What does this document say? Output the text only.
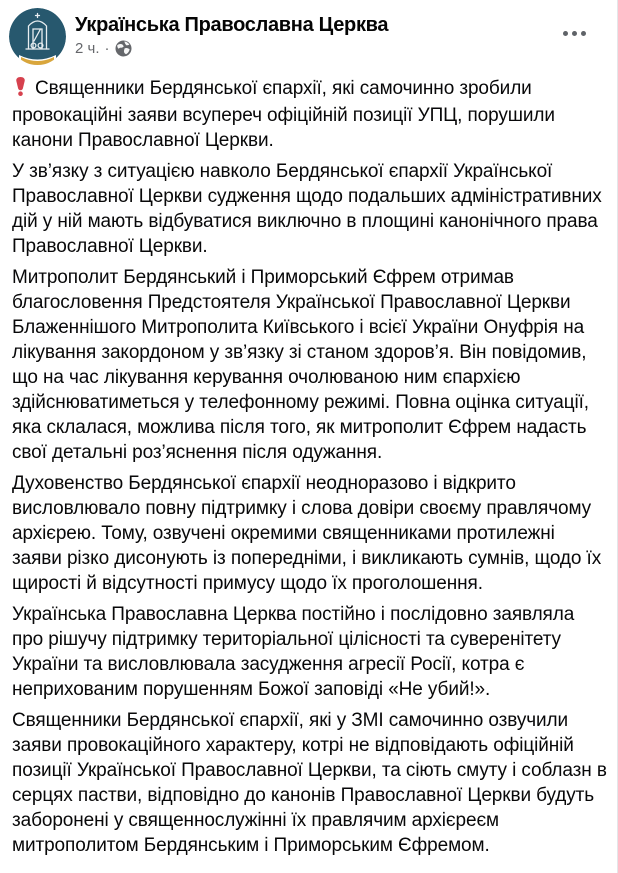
Українська Православна Церква
2 ч. ·

Священники Бердянської єпархії, які самочинно зробили провокаційні заяви всупереч офіційній позиції УПЦ, порушили канони Православної Церкви.

У зв’язку з ситуацією навколо Бердянської єпархії Української Православної Церкви судження щодо подальших адміністративних дій у ній мають відбуватися виключно в площині канонічного права Православної Церкви.

Митрополит Бердянський і Приморський Єфрем отримав благословення Предстоятеля Української Православної Церкви Блаженнішого Митрополита Київського і всієї України Онуфрія на лікування закордоном у зв’язку зі станом здоров’я. Він повідомив, що на час лікування керування очолюваною ним єпархією здійснюватиметься у телефонному режимі. Повна оцінка ситуації, яка склалася, можлива після того, як митрополит Єфрем надасть свої детальні роз’яснення після одужання.

Духовенство Бердянської єпархії неодноразово і відкрито висловлювало повну підтримку і слова довіри своєму правлячому архієрею. Тому, озвучені окремими священниками протилежні заяви різко дисонують із попередніми, і викликають сумнів, щодо їх щирості й відсутності примусу щодо їх проголошення.

Українська Православна Церква постійно і послідовно заявляла про рішучу підтримку територіальної цілісності та суверенітету України та висловлювала засудження агресії Росії, котра є неприхованим порушенням Божої заповіді «Не убий!».

Священники Бердянської єпархії, які у ЗМІ самочинно озвучили заяви провокаційного характеру, котрі не відповідають офіційній позиції Української Православної Церкви, та сіють смуту і соблазн в серцях пастви, відповідно до канонів Православної Церкви будуть заборонені у священнослужінні їх правлячим архієреєм митрополитом Бердянським і Приморським Єфремом.
